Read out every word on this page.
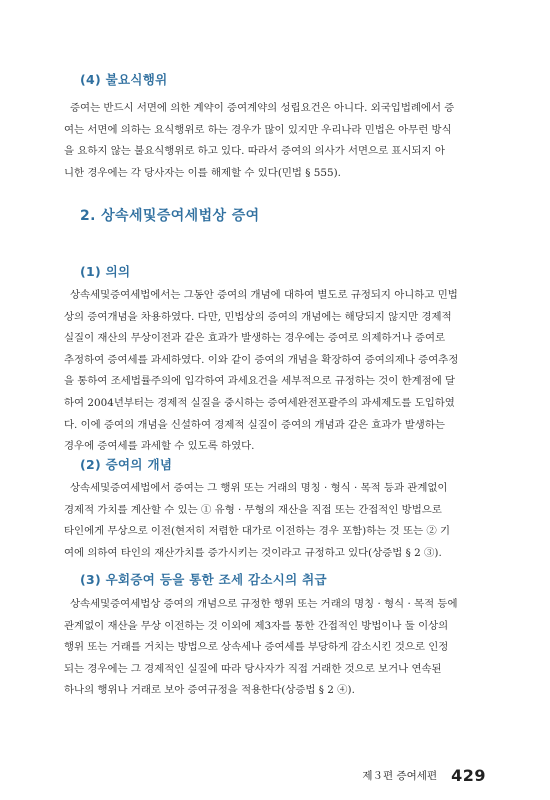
(4) 불요식행위
증여는 반드시 서면에 의한 계약이 증여계약의 성립요건은 아니다. 외국입법례에서 증
여는 서면에 의하는 요식행위로 하는 경우가 많이 있지만 우리나라 민법은 아무런 방식
을 요하지 않는 불요식행위로 하고 있다. 따라서 증여의 의사가 서면으로 표시되지 아
니한 경우에는 각 당사자는 이를 해제할 수 있다(민법 § 555).
2. 상속세및증여세법상 증여
(1) 의의
상속세및증여세법에서는 그동안 증여의 개념에 대하여 별도로 규정되지 아니하고 민법
상의 증여개념을 차용하였다. 다만, 민법상의 증여의 개념에는 해당되지 않지만 경제적
실질이 재산의 무상이전과 같은 효과가 발생하는 경우에는 증여로 의제하거나 증여로
추정하여 증여세를 과세하였다. 이와 같이 증여의 개념을 확장하여 증여의제나 증여추정
을 통하여 조세법률주의에 입각하여 과세요건을 세부적으로 규정하는 것이 한계점에 달
하여 2004년부터는 경제적 실질을 중시하는 증여세완전포괄주의 과세제도를 도입하였
다. 이에 증여의 개념을 신설하여 경제적 실질이 증여의 개념과 같은 효과가 발생하는
경우에 증여세를 과세할 수 있도록 하였다.
(2) 증여의 개념
상속세및증여세법에서 증여는 그 행위 또는 거래의 명칭 · 형식 · 목적 등과 관계없이
경제적 가치를 계산할 수 있는 ① 유형 · 무형의 재산을 직접 또는 간접적인 방법으로
타인에게 무상으로 이전(현저히 저렴한 대가로 이전하는 경우 포함)하는 것 또는 ② 기
여에 의하여 타인의 재산가치를 증가시키는 것이라고 규정하고 있다(상증법 § 2 ③).
(3) 우회증여 등을 통한 조세 감소시의 취급
상속세및증여세법상 증여의 개념으로 규정한 행위 또는 거래의 명칭 · 형식 · 목적 등에
관계없이 재산을 무상 이전하는 것 이외에 제3자를 통한 간접적인 방법이나 둘 이상의
행위 또는 거래를 거치는 방법으로 상속세나 증여세를 부당하게 감소시킨 것으로 인정
되는 경우에는 그 경제적인 실질에 따라 당사자가 직접 거래한 것으로 보거나 연속된
하나의 행위나 거래로 보아 증여규정을 적용한다(상증법 § 2 ④).
제３편 증여세편 429
